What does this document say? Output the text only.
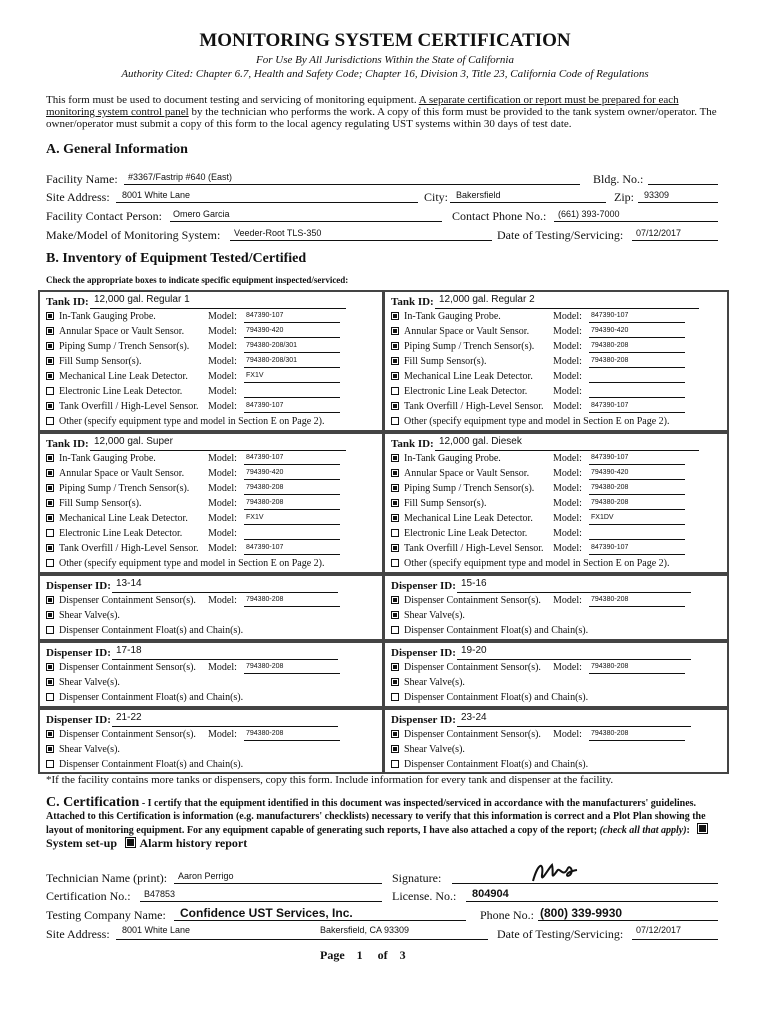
MONITORING SYSTEM CERTIFICATION
For Use By All Jurisdictions Within the State of California
Authority Cited: Chapter 6.7, Health and Safety Code; Chapter 16, Division 3, Title 23, California Code of Regulations
This form must be used to document testing and servicing of monitoring equipment. A separate certification or report must be prepared for each monitoring system control panel by the technician who performs the work. A copy of this form must be provided to the tank system owner/operator. The owner/operator must submit a copy of this form to the local agency regulating UST systems within 30 days of test date.
A. General Information
Facility Name: #3367/Fastrip #640 (East)	Bldg. No.:
Site Address: 8001 White Lane	City: Bakersfield	Zip: 93309
Facility Contact Person: Omero Garcia	Contact Phone No.: (661) 393-7000
Make/Model of Monitoring System: Veeder-Root TLS-350	Date of Testing/Servicing: 07/12/2017
B. Inventory of Equipment Tested/Certified
Check the appropriate boxes to indicate specific equipment inspected/serviced:
*If the facility contains more tanks or dispensers, copy this form. Include information for every tank and dispenser at the facility.
C. Certification - I certify that the equipment identified in this document was inspected/serviced in accordance with the manufacturers' guidelines. Attached to this Certification is information (e.g. manufacturers' checklists) necessary to verify that this information is correct and a Plot Plan showing the layout of monitoring equipment. For any equipment capable of generating such reports, I have also attached a copy of the report; (check all that apply):   System set-up Alarm history report
Technician Name (print): Aaron Perrigo	Signature:
Certification No.: B47853	License. No.: 804904
Testing Company Name: Confidence UST Services, Inc.	Phone No.: (800) 339-9930
Site Address: 8001 White Lane	Bakersfield, CA 93309	Date of Testing/Servicing: 07/12/2017
Page 1 of 3
Tank ID: 12,000 gal. Regular 1
In-Tank Gauging Probe.	Model: 847390-107
Annular Space or Vault Sensor. Model: 794390-420
Piping Sump / Trench Sensor(s). Model: 794380-208/301
Fill Sump Sensor(s).	Model: 794380-208/301
Mechanical Line Leak Detector. Model: FX1V
Electronic Line Leak Detector.	Model:
Tank Overfill / High-Level Sensor. Model: 847390-107
Other (specify equipment type and model in Section E on Page 2).
Tank ID: 12,000 gal. Regular 2
In-Tank Gauging Probe.	Model: 847390-107
Annular Space or Vault Sensor. Model: 794390-420
Piping Sump / Trench Sensor(s). Model: 794380-208
Fill Sump Sensor(s).	Model: 794380-208
Mechanical Line Leak Detector. Model:
Electronic Line Leak Detector.	Model:
Tank Overfill / High-Level Sensor. Model: 847390-107
Other (specify equipment type and model in Section E on Page 2).
Tank ID: 12,000 gal. Super
In-Tank Gauging Probe.	Model: 847390-107
Annular Space or Vault Sensor. Model: 794390-420
Piping Sump / Trench Sensor(s). Model: 794380-208
Fill Sump Sensor(s).	Model: 794380-208
Mechanical Line Leak Detector. Model: FX1V
Electronic Line Leak Detector.	Model:
Tank Overfill / High-Level Sensor. Model: 847390-107
Other (specify equipment type and model in Section E on Page 2).
Tank ID: 12,000 gal. Diesek
In-Tank Gauging Probe.	Model: 847390-107
Annular Space or Vault Sensor. Model: 794390-420
Piping Sump / Trench Sensor(s). Model: 794380-208
Fill Sump Sensor(s).	Model: 794380-208
Mechanical Line Leak Detector. Model: FX1DV
Electronic Line Leak Detector.	Model:
Tank Overfill / High-Level Sensor. Model: 847390-107
Other (specify equipment type and model in Section E on Page 2).
Dispenser ID: 13-14
Dispenser Containment Sensor(s). Model: 794380-208
Shear Valve(s).
Dispenser Containment Float(s) and Chain(s).
Dispenser ID: 15-16
Dispenser Containment Sensor(s). Model: 794380-208
Shear Valve(s).
Dispenser Containment Float(s) and Chain(s).
Dispenser ID: 17-18
Dispenser Containment Sensor(s). Model: 794380-208
Shear Valve(s).
Dispenser Containment Float(s) and Chain(s).
Dispenser ID: 19-20
Dispenser Containment Sensor(s). Model: 794380-208
Shear Valve(s).
Dispenser Containment Float(s) and Chain(s).
Dispenser ID: 21-22
Dispenser Containment Sensor(s). Model: 794380-208
Shear Valve(s).
Dispenser Containment Float(s) and Chain(s).
Dispenser ID: 23-24
Dispenser Containment Sensor(s). Model: 794380-208
Shear Valve(s).
Dispenser Containment Float(s) and Chain(s).
